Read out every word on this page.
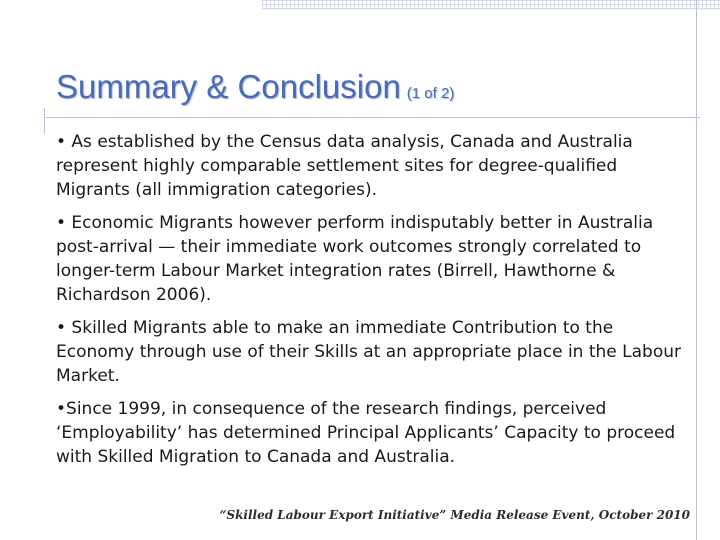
Summary & Conclusion (1 of 2)

• As established by the Census data analysis, Canada and Australia represent highly comparable settlement sites for degree-qualified Migrants (all immigration categories).

• Economic Migrants however perform indisputably better in Australia post-arrival — their immediate work outcomes strongly correlated to longer-term Labour Market integration rates (Birrell, Hawthorne & Richardson 2006).

• Skilled Migrants able to make an immediate Contribution to the Economy through use of their Skills at an appropriate place in the Labour Market.

•Since 1999, in consequence of the research findings, perceived ‘Employability’ has determined Principal Applicants’ Capacity to proceed with Skilled Migration to Canada and Australia.

“Skilled Labour Export Initiative” Media Release Event, October 2010
